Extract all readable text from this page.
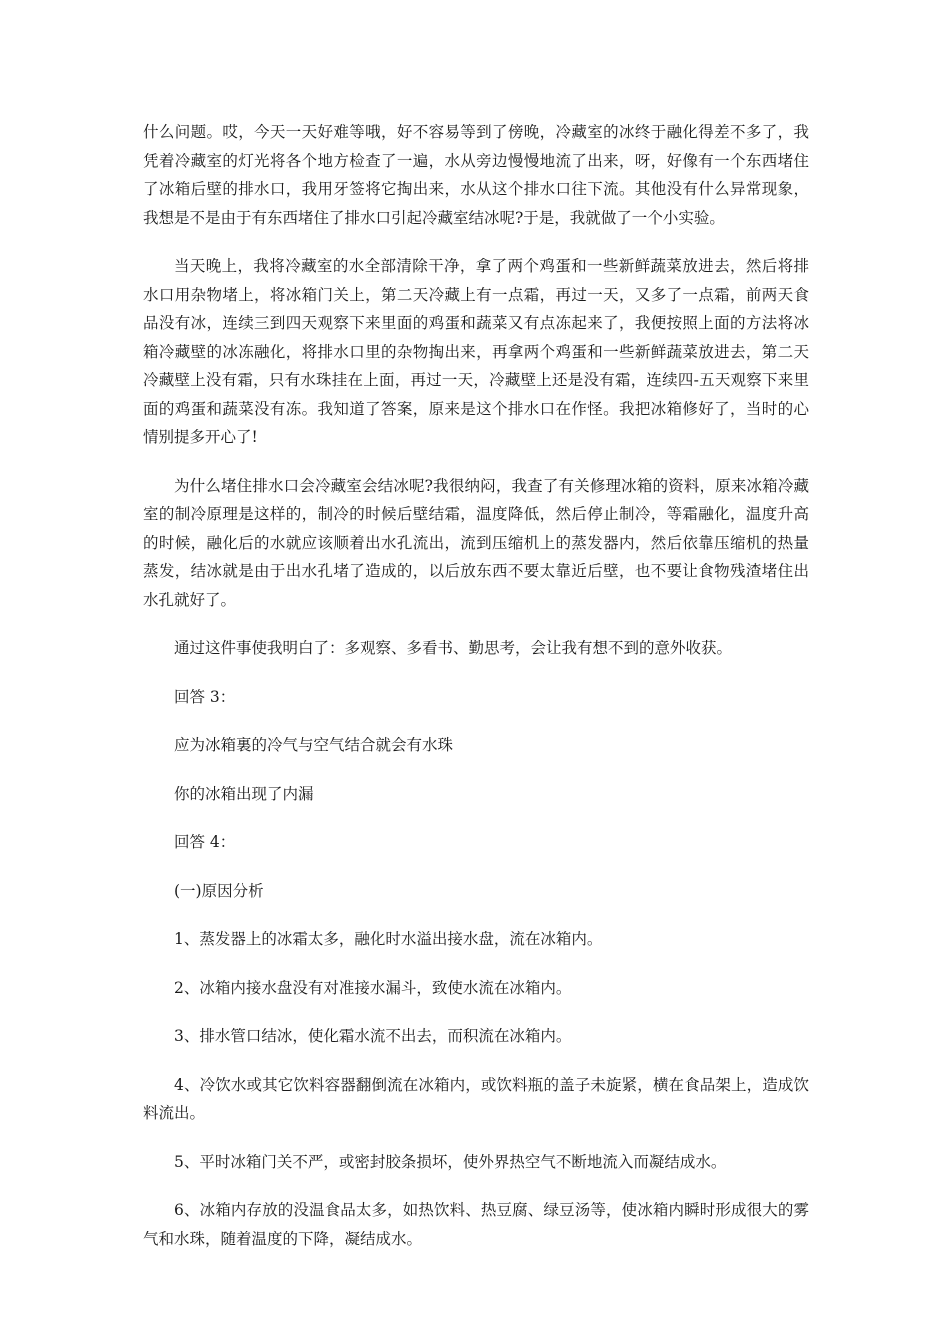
什么问题。哎，今天一天好难等哦，好不容易等到了傍晚，冷藏室的冰终于融化得差不多了，我凭着冷藏室的灯光将各个地方检查了一遍，水从旁边慢慢地流了出来，呀，好像有一个东西堵住了冰箱后壁的排水口，我用牙签将它掏出来，水从这个排水口往下流。其他没有什么异常现象，我想是不是由于有东西堵住了排水口引起冷藏室结冰呢?于是，我就做了一个小实验。

当天晚上，我将冷藏室的水全部清除干净，拿了两个鸡蛋和一些新鲜蔬菜放进去，然后将排水口用杂物堵上，将冰箱门关上，第二天冷藏上有一点霜，再过一天，又多了一点霜，前两天食品没有冰，连续三到四天观察下来里面的鸡蛋和蔬菜又有点冻起来了，我便按照上面的方法将冰箱冷藏壁的冰冻融化，将排水口里的杂物掏出来，再拿两个鸡蛋和一些新鲜蔬菜放进去，第二天冷藏壁上没有霜，只有水珠挂在上面，再过一天，冷藏壁上还是没有霜，连续四-五天观察下来里面的鸡蛋和蔬菜没有冻。我知道了答案，原来是这个排水口在作怪。我把冰箱修好了，当时的心情别提多开心了!

为什么堵住排水口会冷藏室会结冰呢?我很纳闷，我查了有关修理冰箱的资料，原来冰箱冷藏室的制冷原理是这样的，制冷的时候后壁结霜，温度降低，然后停止制冷，等霜融化，温度升高的时候，融化后的水就应该顺着出水孔流出，流到压缩机上的蒸发器内，然后依靠压缩机的热量蒸发，结冰就是由于出水孔堵了造成的，以后放东西不要太靠近后壁，也不要让食物残渣堵住出水孔就好了。

通过这件事使我明白了：多观察、多看书、勤思考，会让我有想不到的意外收获。

回答 3：

应为冰箱裏的冷气与空气结合就会有水珠

你的冰箱出现了内漏

回答 4：

(一)原因分析

1、蒸发器上的冰霜太多，融化时水溢出接水盘，流在冰箱内。

2、冰箱内接水盘没有对准接水漏斗，致使水流在冰箱内。

3、排水管口结冰，使化霜水流不出去，而积流在冰箱内。

4、冷饮水或其它饮料容器翻倒流在冰箱内，或饮料瓶的盖子未旋紧，横在食品架上，造成饮料流出。

5、平时冰箱门关不严，或密封胶条损坏，使外界热空气不断地流入而凝结成水。

6、冰箱内存放的没温食品太多，如热饮料、热豆腐、绿豆汤等，使冰箱内瞬时形成很大的雾气和水珠，随着温度的下降，凝结成水。
